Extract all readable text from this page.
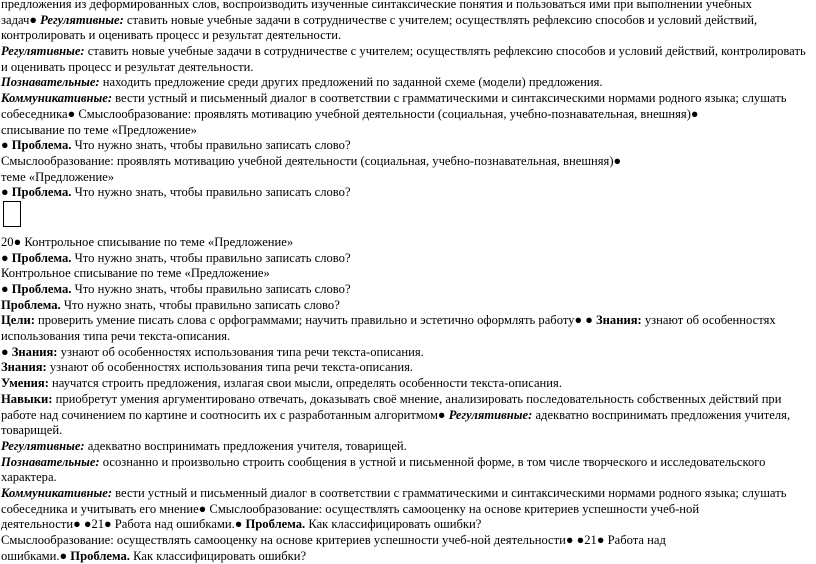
предложения из деформированных слов, воспроизводить изученные синтаксические понятия и пользоваться ими при выполнении учебных
задач● Регулятивные: ставить новые учебные задачи в сотрудничестве с учителем; осуществлять рефлексию способов и условий действий,
контролировать и оценивать процесс и результат деятельности.
Регулятивные: ставить новые учебные задачи в сотрудничестве с учителем; осуществлять рефлексию способов и условий действий, контролировать
и оценивать процесс и результат деятельности.
Познавательные: находить предложение среди других предложений по заданной схеме (модели) предложения.
Коммуникативные: вести устный и письменный диалог в соответствии с грамматическими и синтаксическими нормами родного языка; слушать
собеседника● Смыслообразование: проявлять мотивацию учебной деятельности (социальная, учебно-познавательная, внешняя)●
списывание по теме «Предложение»
● Проблема. Что нужно знать, чтобы правильно записать слово?
Смыслообразование: проявлять мотивацию учебной деятельности (социальная, учебно-познавательная, внешняя)●
теме «Предложение»
● Проблема. Что нужно знать, чтобы правильно записать слово?
20● Контрольное списывание по теме «Предложение»
● Проблема. Что нужно знать, чтобы правильно записать слово?
Контрольное списывание по теме «Предложение»
● Проблема. Что нужно знать, чтобы правильно записать слово?
Проблема. Что нужно знать, чтобы правильно записать слово?
Цели: проверить умение писать слова с орфограммами; научить правильно и эстетично оформлять работу● ● Знания: узнают об особенностях
использования типа речи текста-описания.
● Знания: узнают об особенностях использования типа речи текста-описания.
Знания: узнают об особенностях использования типа речи текста-описания.
Умения: научатся строить предложения, излагая свои мысли, определять особенности текста-описания.
Навыки: приобретут умения аргументировано отвечать, доказывать своё мнение, анализировать последовательность собственных действий при
работе над сочинением по картине и соотносить их с разработанным алгоритмом● Регулятивные: адекватно воспринимать предложения учителя,
товарищей.
Регулятивные: адекватно воспринимать предложения учителя, товарищей.
Познавательные: осознанно и произвольно строить сообщения в устной и письменной форме, в том числе творческого и исследовательского
характера.
Коммуникативные: вести устный и письменный диалог в соответствии с грамматическими и синтаксическими нормами родного языка; слушать
собеседника и учитывать его мнение● Смыслообразование: осуществлять самооценку на основе критериев успешности учеб-ной
деятельности● ●21● Работа над ошибками.● Проблема. Как классифицировать ошибки?
Смыслообразование: осуществлять самооценку на основе критериев успешности учеб-ной деятельности● ●21● Работа над
ошибками.● Проблема. Как классифицировать ошибки?
